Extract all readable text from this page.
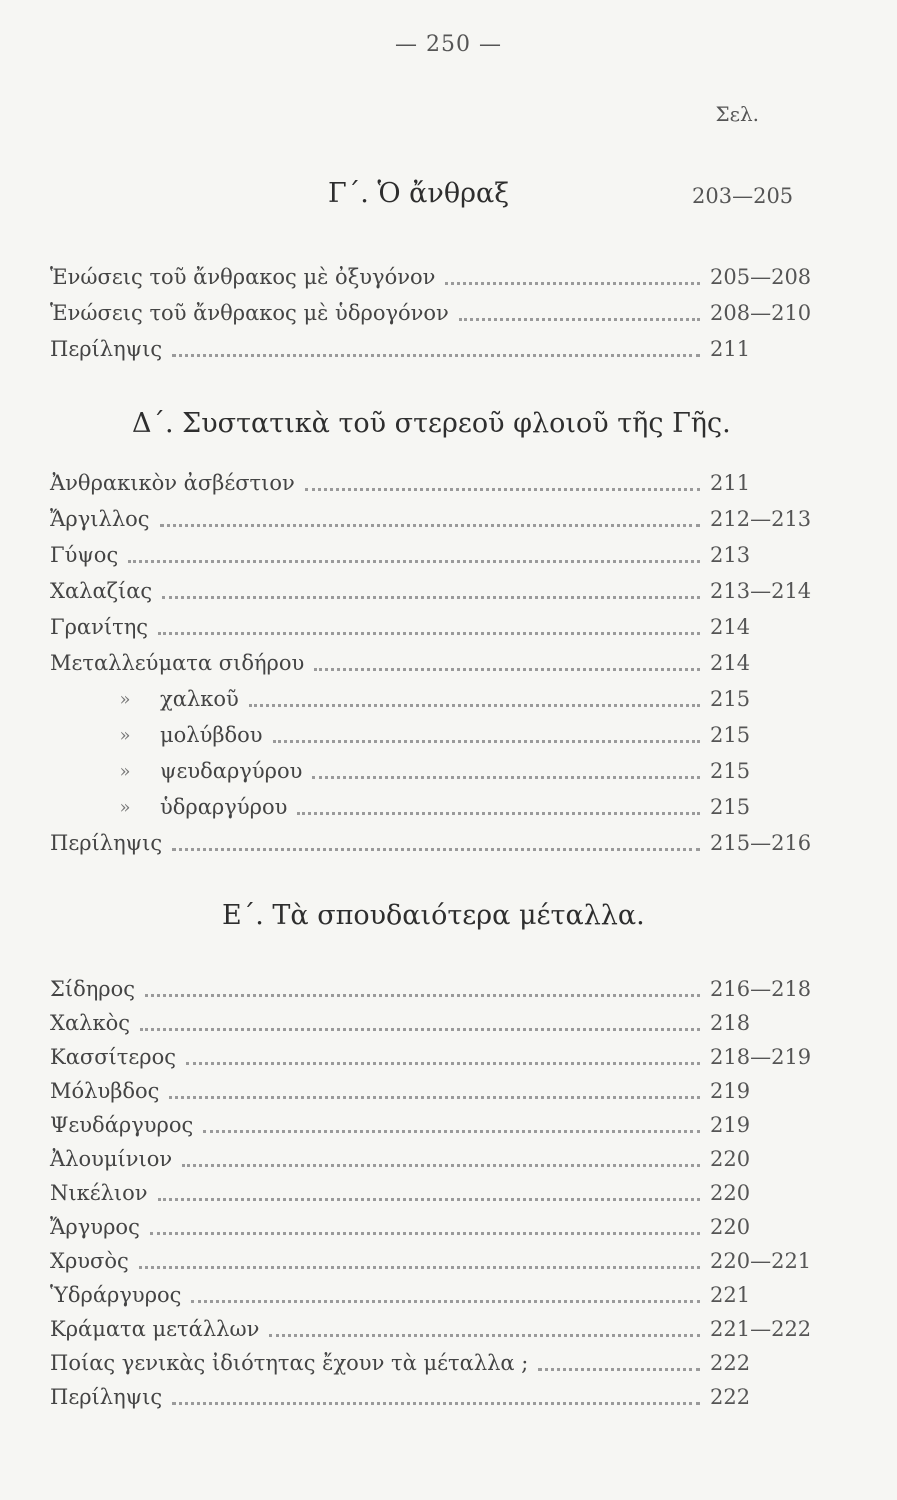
— 250 —
Σελ.
Γ΄. Ὁ ἄνθραξ	203—205
Ἑνώσεις τοῦ ἄνθρακος μὲ ὀξυγόνον	205—208
Ἑνώσεις τοῦ ἄνθρακος μὲ ὑδρογόνον	208—210
Περίληψις	211
Δ΄. Συστατικὰ τοῦ στερεοῦ φλοιοῦ τῆς Γῆς.
Ἀνθρακικὸν ἀσβέστιον	211
Ἄργιλλος	212—213
Γύψος	213
Χαλαζίας	213—214
Γρανίτης	214
Μεταλλεύματα σιδήρου	214
»	χαλκοῦ	215
»	μολύβδου	215
»	ψευδαργύρου	215
»	ὑδραργύρου	215
Περίληψις	215—216
Ε΄. Τὰ σπουδαιότερα μέταλλα.
Σίδηρος	216—218
Χαλκὸς	218
Κασσίτερος	218—219
Μόλυβδος	219
Ψευδάργυρος	219
Ἀλουμίνιον	220
Νικέλιον	220
Ἄργυρος	220
Χρυσὸς	220—221
Ὑδράργυρος	221
Κράματα μετάλλων	221—222
Ποίας γενικὰς ἰδιότητας ἔχουν τὰ μέταλλα ;	222
Περίληψις	222
